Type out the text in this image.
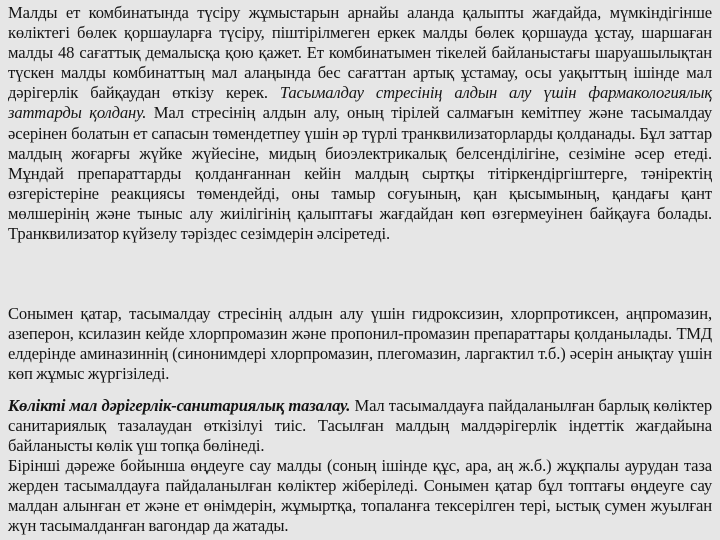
Малды ет комбинатында түсіру жұмыстарын арнайы аланда қалыпты жағдайда, мүмкіндігінше көліктегі бөлек қоршауларға түсіру, піштірілмеген еркек малды бөлек қоршауда ұстау, шаршаған малды 48 сағаттық демалысқа қою қажет. Ет комбинатымен тікелей байланыстағы шаруашылықтан түскен малды комбинаттың мал алаңында бес сағаттан артық ұстамау, осы уақыттың ішінде мал дәрігерлік байқаудан өткізу керек. Тасымалдау стресінің алдын алу үшін фармакологиялық заттарды қолдану. Мал стресінің алдын алу, оның тірілей салмағын кемітпеу және тасымалдау әсерінен болатын ет сапасын төмендетпеу үшін әр түрлі транквилизаторларды қолданады. Бұл заттар малдың жоғарғы жүйке жүйесіне, мидың биоэлектрикалық белсенділігіне, сезіміне әсер етеді. Мұндай препараттарды қолданғаннан кейін малдың сыртқы тітіркендіргіштерге, тәніректің өзгерістеріне реакциясы төмендейді, оны тамыр соғуының, қан қысымының, қандағы қант мөлшерінің және тыныс алу жиілігінің қалыптағы жағдайдан көп өзгермеуінен байқауға болады. Транквилизатор күйзелу тәріздес сезімдерін әлсіретеді.

Сонымен қатар, тасымалдау стресінің алдын алу үшін гидроксизин, хлорпротиксен, аңпромазин, азеперон, ксилазин кейде хлорпромазин және пропонил-промазин препараттары қолданылады. ТМД елдерінде аминазиннің (синонимдері хлорпромазин, плегомазин, ларгактил т.б.) әсерін анықтау үшін көп жұмыс жүргізіледі.

Көлікті мал дәрігерлік-санитариялық тазалау. Мал тасымалдауға пайдаланылған барлық көліктер санитариялық тазалаудан өткізілуі тиіс. Тасылған малдың малдәрігерлік індеттік жағдайына байланысты көлік үш топқа бөлінеді.

Бірінші дәреже бойынша өңдеуге сау малды (соның ішінде құс, ара, аң ж.б.) жұқпалы аурудан таза жерден тасымалдауға пайдаланылған көліктер жіберіледі. Сонымен қатар бұл топтағы өңдеуге сау малдан алынған ет және ет өнімдерін, жұмыртқа, топаланға тексерілген тері, ыстық сумен жуылған жүн тасымалданған вагондар да жатады.
